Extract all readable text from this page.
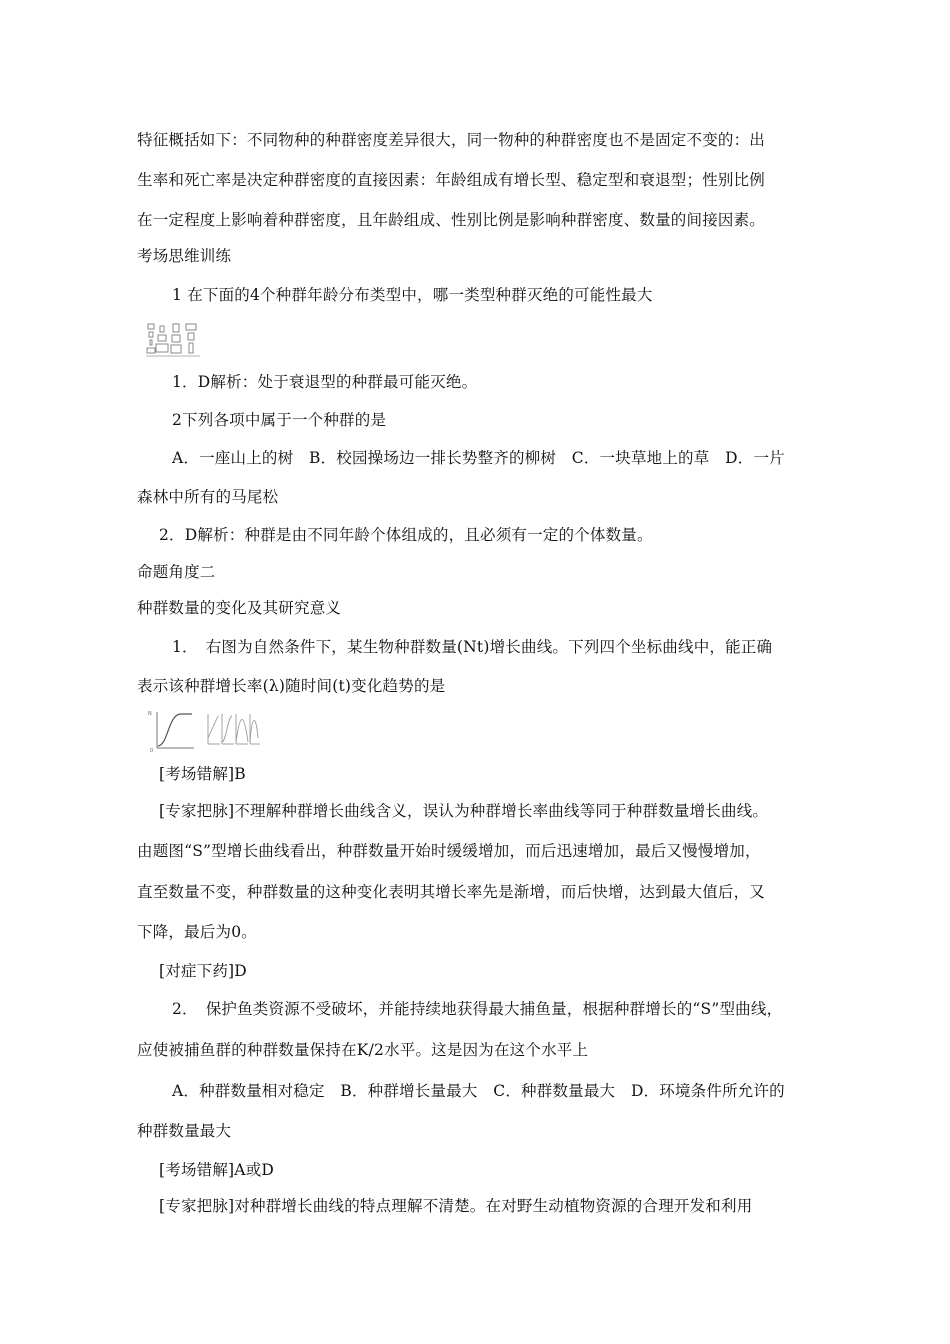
特征概括如下：不同物种的种群密度差异很大，同一物种的种群密度也不是固定不变的：出
生率和死亡率是决定种群密度的直接因素：年龄组成有增长型、稳定型和衰退型；性别比例
在一定程度上影响着种群密度，且年龄组成、性别比例是影响种群密度、数量的间接因素。
考场思维训练
1 在下面的4个种群年龄分布类型中，哪一类型种群灭绝的可能性最大
1．D解析：处于衰退型的种群最可能灭绝。
2下列各项中属于一个种群的是
A．一座山上的树　B．校园操场边一排长势整齐的柳树　C．一块草地上的草　D．一片
森林中所有的马尾松
2．D解析：种群是由不同年龄个体组成的，且必须有一定的个体数量。
命题角度二
种群数量的变化及其研究意义
1．　右图为自然条件下，某生物种群数量(Nt)增长曲线。下列四个坐标曲线中，能正确
表示该种群增长率(λ)随时间(t)变化趋势的是
N
0
[考场错解]B
[专家把脉]不理解种群增长曲线含义，误认为种群增长率曲线等同于种群数量增长曲线。
由题图“S”型增长曲线看出，种群数量开始时缓缓增加，而后迅速增加，最后又慢慢增加，
直至数量不变，种群数量的这种变化表明其增长率先是渐增，而后快增，达到最大值后，又
下降，最后为0。
[对症下药]D
2．　保护鱼类资源不受破坏，并能持续地获得最大捕鱼量，根据种群增长的“S”型曲线，
应使被捕鱼群的种群数量保持在K/2水平。这是因为在这个水平上
A．种群数量相对稳定　B．种群增长量最大　C．种群数量最大　D．环境条件所允许的
种群数量最大
[考场错解]A或D
[专家把脉]对种群增长曲线的特点理解不清楚。在对野生动植物资源的合理开发和利用
